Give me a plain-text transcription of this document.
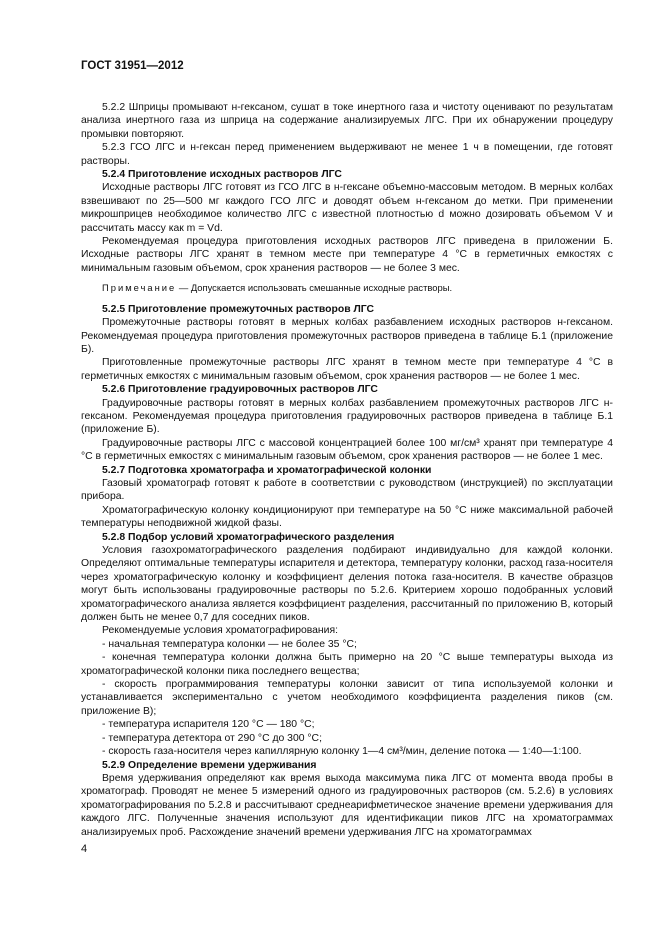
ГОСТ 31951—2012

5.2.2 Шприцы промывают н-гексаном, сушат в токе инертного газа и чистоту оценивают по результатам анализа инертного газа из шприца на содержание анализируемых ЛГС. При их обнаружении процедуру промывки повторяют.

5.2.3 ГСО ЛГС и н-гексан перед применением выдерживают не менее 1 ч в помещении, где готовят растворы.

5.2.4 Приготовление исходных растворов ЛГС

Исходные растворы ЛГС готовят из ГСО ЛГС в н-гексане объемно-массовым методом. В мерных колбах взвешивают по 25—500 мг каждого ГСО ЛГС и доводят объем н-гексаном до метки. При применении микрошприцев необходимое количество ЛГС с известной плотностью d можно дозировать объемом V и рассчитать массу как m = Vd.

Рекомендуемая процедура приготовления исходных растворов ЛГС приведена в приложении Б. Исходные растворы ЛГС хранят в темном месте при температуре 4 °С в герметичных емкостях с минимальным газовым объемом, срок хранения растворов — не более 3 мес.

Примечание — Допускается использовать смешанные исходные растворы.

5.2.5 Приготовление промежуточных растворов ЛГС

Промежуточные растворы готовят в мерных колбах разбавлением исходных растворов н-гексаном. Рекомендуемая процедура приготовления промежуточных растворов приведена в таблице Б.1 (приложение Б).

Приготовленные промежуточные растворы ЛГС хранят в темном месте при температуре 4 °С в герметичных емкостях с минимальным газовым объемом, срок хранения растворов — не более 1 мес.

5.2.6 Приготовление градуировочных растворов ЛГС

Градуировочные растворы готовят в мерных колбах разбавлением промежуточных растворов ЛГС н-гексаном. Рекомендуемая процедура приготовления градуировочных растворов приведена в таблице Б.1 (приложение Б).

Градуировочные растворы ЛГС с массовой концентрацией более 100 мг/см³ хранят при температуре 4 °С в герметичных емкостях с минимальным газовым объемом, срок хранения растворов — не более 1 мес.

5.2.7 Подготовка хроматографа и хроматографической колонки

Газовый хроматограф готовят к работе в соответствии с руководством (инструкцией) по эксплуатации прибора.

Хроматографическую колонку кондиционируют при температуре на 50 °С ниже максимальной рабочей температуры неподвижной жидкой фазы.

5.2.8 Подбор условий хроматографического разделения

Условия газохроматографического разделения подбирают индивидуально для каждой колонки. Определяют оптимальные температуры испарителя и детектора, температуру колонки, расход газа-носителя через хроматографическую колонку и коэффициент деления потока газа-носителя. В качестве образцов могут быть использованы градуировочные растворы по 5.2.6. Критерием хорошо подобранных условий хроматографического анализа является коэффициент разделения, рассчитанный по приложению В, который должен быть не менее 0,7 для соседних пиков.

Рекомендуемые условия хроматографирования:

- начальная температура колонки — не более 35 °С;

- конечная температура колонки должна быть примерно на 20 °С выше температуры выхода из хроматографической колонки пика последнего вещества;

- скорость программирования температуры колонки зависит от типа используемой колонки и устанавливается экспериментально с учетом необходимого коэффициента разделения пиков (см. приложение В);

- температура испарителя 120 °С — 180 °С;

- температура детектора от 290 °С до 300 °С;

- скорость газа-носителя через капиллярную колонку 1—4 см³/мин, деление потока — 1:40—1:100.

5.2.9 Определение времени удерживания

Время удерживания определяют как время выхода максимума пика ЛГС от момента ввода пробы в хроматограф. Проводят не менее 5 измерений одного из градуировочных растворов (см. 5.2.6) в условиях хроматографирования по 5.2.8 и рассчитывают среднеарифметическое значение времени удерживания для каждого ЛГС. Полученные значения используют для идентификации пиков ЛГС на хроматограммах анализируемых проб. Расхождение значений времени удерживания ЛГС на хроматограммах

4
